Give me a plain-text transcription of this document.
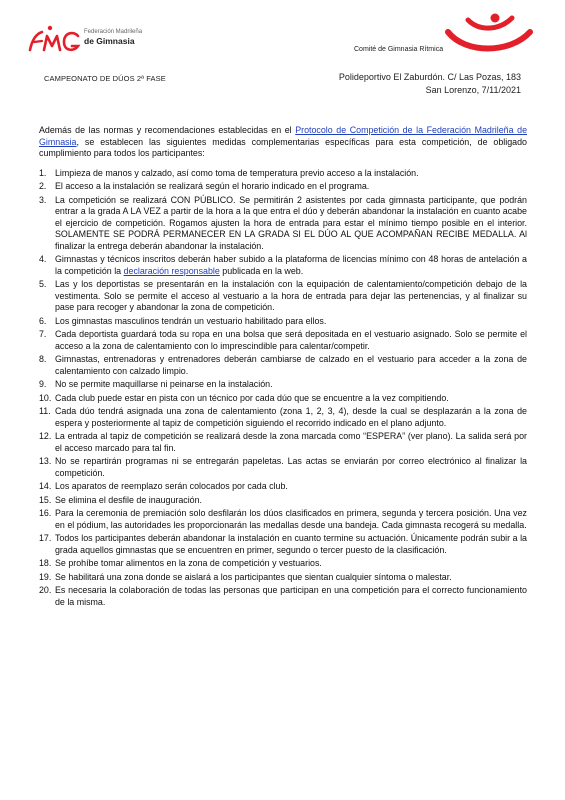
Federación Madrileña
de Gimnasia
Comité de Gimnasia Rítmica
CAMPEONATO DE DÚOS 2ª FASE	Polideportivo El Zaburdón. C/ Las Pozas, 183
San Lorenzo, 7/11/2021

Además de las normas y recomendaciones establecidas en el Protocolo de Competición de la Federación Madrileña de Gimnasia, se establecen las siguientes medidas complementarias específicas para esta competición, de obligado cumplimiento para todos los participantes:

1. Limpieza de manos y calzado, así como toma de temperatura previo acceso a la instalación.
2. El acceso a la instalación se realizará según el horario indicado en el programa.
3. La competición se realizará CON PÚBLICO. Se permitirán 2 asistentes por cada gimnasta participante, que podrán entrar a la grada A LA VEZ a partir de la hora a la que entra el dúo y deberán abandonar la instalación en cuanto acabe el ejercicio de competición. Rogamos ajusten la hora de entrada para estar el mínimo tiempo posible en el interior. SOLAMENTE SE PODRÁ PERMANECER EN LA GRADA SI EL DÚO AL QUE ACOMPAÑAN RECIBE MEDALLA. Al finalizar la entrega deberán abandonar la instalación.
4. Gimnastas y técnicos inscritos deberán haber subido a la plataforma de licencias mínimo con 48 horas de antelación a la competición la declaración responsable publicada en la web.
5. Las y los deportistas se presentarán en la instalación con la equipación de calentamiento/competición debajo de la vestimenta. Solo se permite el acceso al vestuario a la hora de entrada para dejar las pertenencias, y al finalizar su pase para recoger y abandonar la zona de competición.
6. Los gimnastas masculinos tendrán un vestuario habilitado para ellos.
7. Cada deportista guardará toda su ropa en una bolsa que será depositada en el vestuario asignado. Solo se permite el acceso a la zona de calentamiento con lo imprescindible para calentar/competir.
8. Gimnastas, entrenadoras y entrenadores deberán cambiarse de calzado en el vestuario para acceder a la zona de calentamiento con calzado limpio.
9. No se permite maquillarse ni peinarse en la instalación.
10. Cada club puede estar en pista con un técnico por cada dúo que se encuentre a la vez compitiendo.
11. Cada dúo tendrá asignada una zona de calentamiento (zona 1, 2, 3, 4), desde la cual se desplazarán a la zona de espera y posteriormente al tapiz de competición siguiendo el recorrido indicado en el plano adjunto.
12. La entrada al tapiz de competición se realizará desde la zona marcada como “ESPERA” (ver plano). La salida será por el acceso marcado para tal fin.
13. No se repartirán programas ni se entregarán papeletas. Las actas se enviarán por correo electrónico al finalizar la competición.
14. Los aparatos de reemplazo serán colocados por cada club.
15. Se elimina el desfile de inauguración.
16. Para la ceremonia de premiación solo desfilarán los dúos clasificados en primera, segunda y tercera posición. Una vez en el pódium, las autoridades les proporcionarán las medallas desde una bandeja. Cada gimnasta recogerá su medalla.
17. Todos los participantes deberán abandonar la instalación en cuanto termine su actuación. Únicamente podrán subir a la grada aquellos gimnastas que se encuentren en primer, segundo o tercer puesto de la clasificación.
18. Se prohíbe tomar alimentos en la zona de competición y vestuarios.
19. Se habilitará una zona donde se aislará a los participantes que sientan cualquier síntoma o malestar.
20. Es necesaria la colaboración de todas las personas que participan en una competición para el correcto funcionamiento de la misma.
